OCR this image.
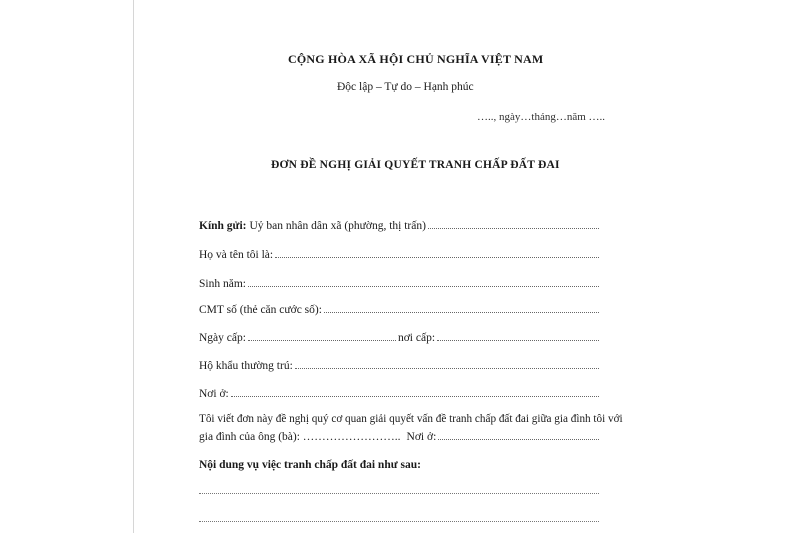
CỘNG HÒA XÃ HỘI CHỦ NGHĨA VIỆT NAM
Độc lập – Tự do – Hạnh phúc
….., ngày…tháng…năm …..
ĐƠN ĐỀ NGHỊ GIẢI QUYẾT TRANH CHẤP ĐẤT ĐAI
Kính gửi: Uỷ ban nhân dân xã (phường, thị trấn)
Họ và tên tôi là:
Sinh năm:
CMT số (thẻ căn cước số):
Ngày cấp:	nơi cấp:
Hộ khẩu thường trú:
Nơi ở:
Tôi viết đơn này đề nghị quý cơ quan giải quyết vấn đề tranh chấp đất đai giữa gia đình tôi với
gia đình của ông (bà): …………………….. Nơi ở:
Nội dung vụ việc tranh chấp đất đai như sau:
